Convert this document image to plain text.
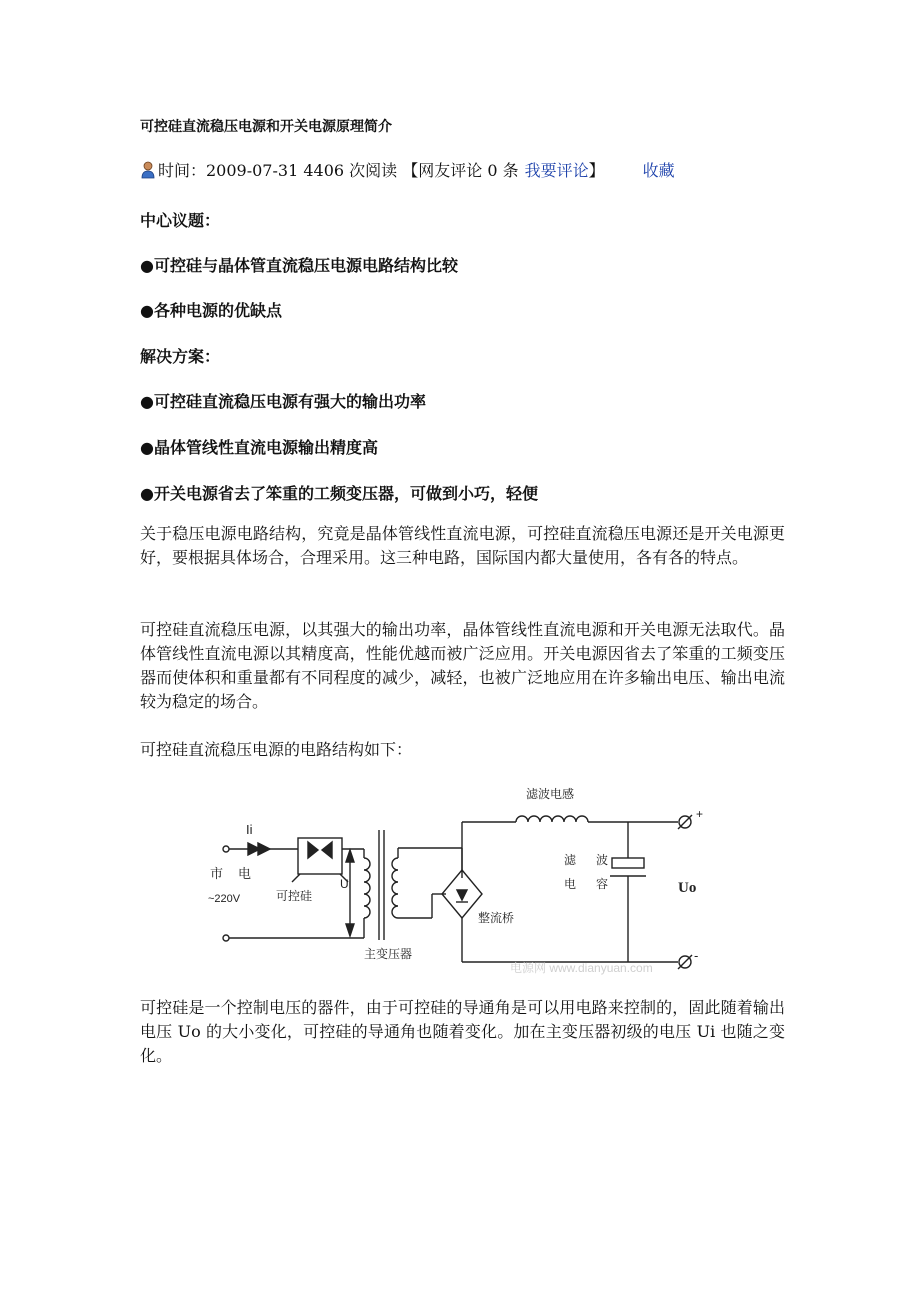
可控硅直流稳压电源和开关电源原理简介
时间：2009-07-31 4406 次阅读 【网友评论 0 条 我要评论 】 收藏
中心议题：
●可控硅与晶体管直流稳压电源电路结构比较
●各种电源的优缺点
解决方案：
●可控硅直流稳压电源有强大的输出功率
●晶体管线性直流电源输出精度高
●开关电源省去了笨重的工频变压器，可做到小巧，轻便
关于稳压电源电路结构，究竟是晶体管线性直流电源，可控硅直流稳压电源还是开关电源更好，要根据具体场合，合理采用。这三种电路，国际国内都大量使用，各有各的特点。
可控硅直流稳压电源，以其强大的输出功率，晶体管线性直流电源和开关电源无法取代。晶体管线性直流电源以其精度高，性能优越而被广泛应用。开关电源因省去了笨重的工频变压器而使体积和重量都有不同程度的减少，减轻，也被广泛地应用在许多输出电压、输出电流较为稳定的场合。
可控硅直流稳压电源的电路结构如下：
可控硅是一个控制电压的器件，由于可控硅的导通角是可以用电路来控制的，固此随着输出电压 Uo 的大小变化，可控硅的导通角也随着变化。加在主变压器初级的电压 Ui 也随之变化。
Ii
市 电
~220V	可控硅
Ui
主变压器
整流桥
滤波电感
滤 波
电 容	Uo
+
-
电源网 www.dianyuan.com
